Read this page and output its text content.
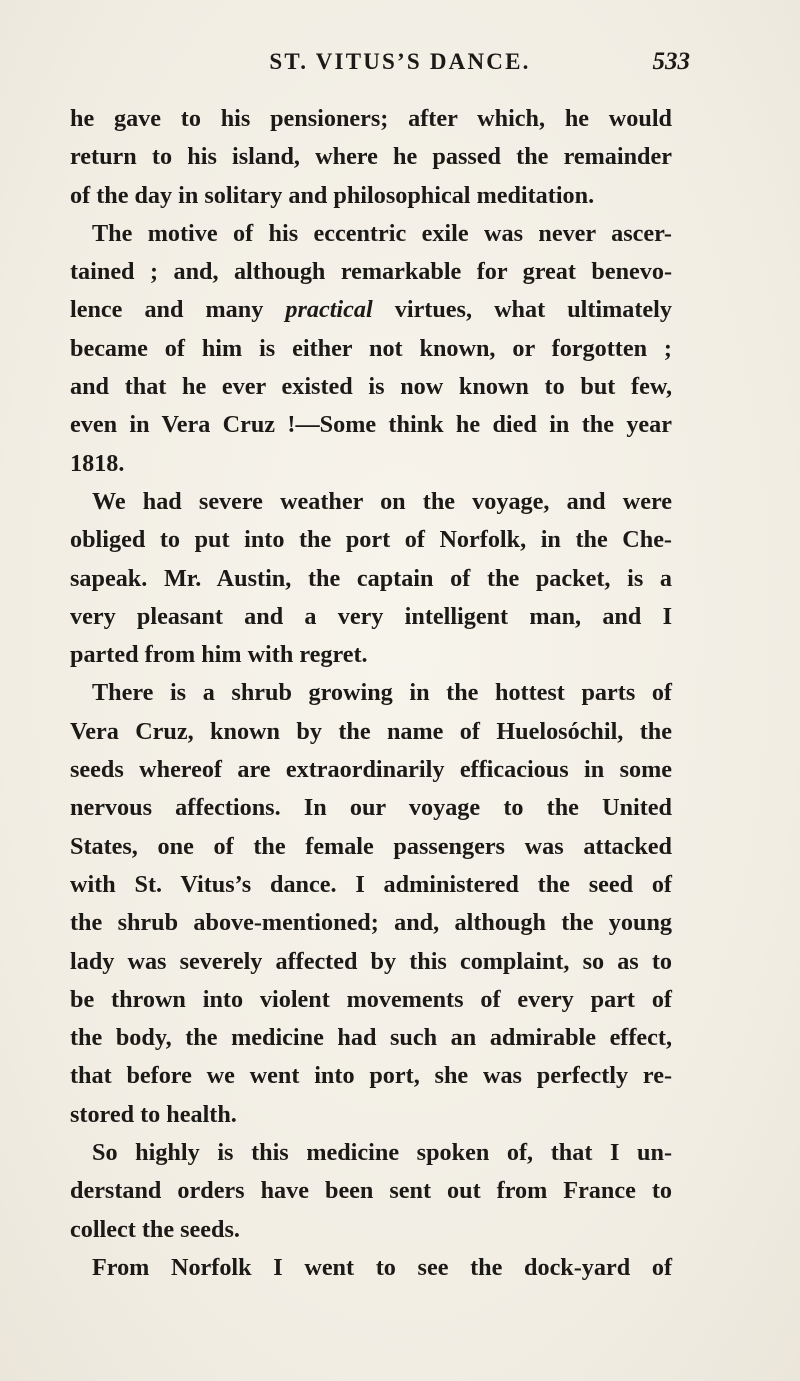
ST. VITUS’S DANCE.	533
he gave to his pensioners; after which, he would
return to his island, where he passed the remainder
of the day in solitary and philosophical meditation.
The motive of his eccentric exile was never ascer-
tained ; and, although remarkable for great benevo-
lence and many practical virtues, what ultimately
became of him is either not known, or forgotten ;
and that he ever existed is now known to but few,
even in Vera Cruz !—Some think he died in the year
1818.
We had severe weather on the voyage, and were
obliged to put into the port of Norfolk, in the Che-
sapeak. Mr. Austin, the captain of the packet, is a
very pleasant and a very intelligent man, and I
parted from him with regret.
There is a shrub growing in the hottest parts of
Vera Cruz, known by the name of Huelosóchil, the
seeds whereof are extraordinarily efficacious in some
nervous affections. In our voyage to the United
States, one of the female passengers was attacked
with St. Vitus’s dance. I administered the seed of
the shrub above-mentioned; and, although the young
lady was severely affected by this complaint, so as to
be thrown into violent movements of every part of
the body, the medicine had such an admirable effect,
that before we went into port, she was perfectly re-
stored to health.
So highly is this medicine spoken of, that I un-
derstand orders have been sent out from France to
collect the seeds.
From Norfolk I went to see the dock-yard of
